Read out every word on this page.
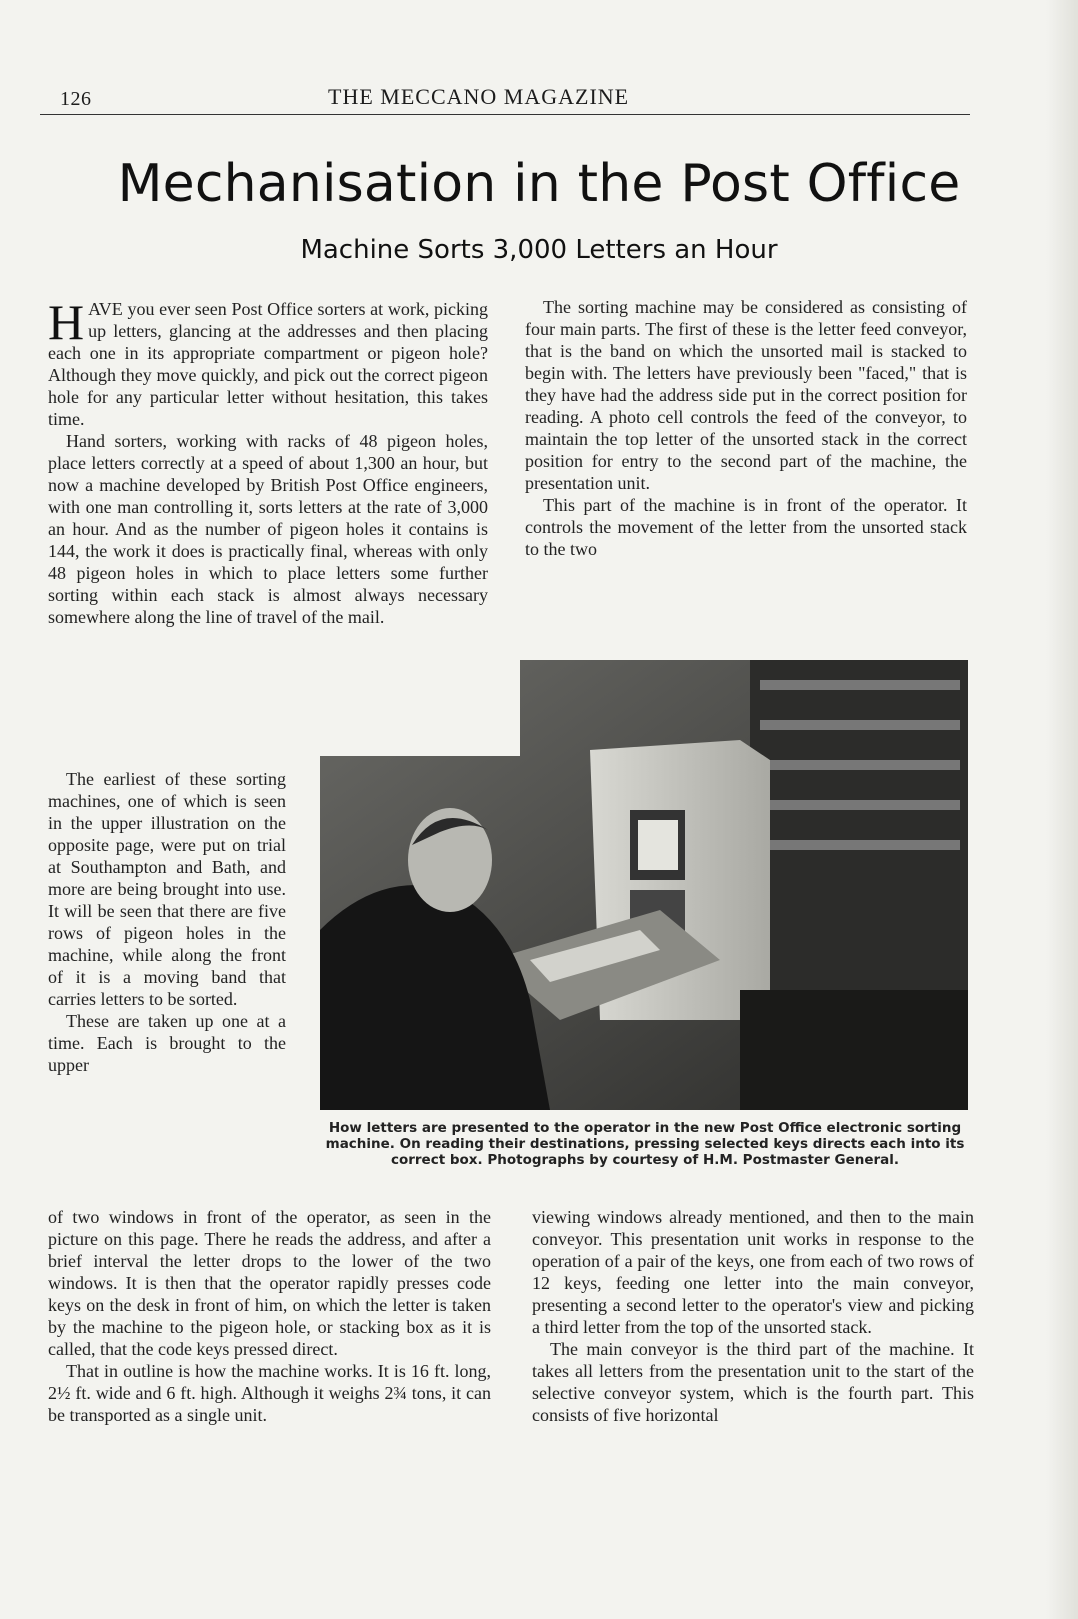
126	THE MECCANO MAGAZINE
Mechanisation in the Post Office
Machine Sorts 3,000 Letters an Hour

HAVE you ever seen Post Office sorters at work, picking up letters, glancing at the addresses and then placing each one in its appropriate compartment or pigeon hole? Although they move quickly, and pick out the correct pigeon hole for any particular letter without hesitation, this takes time.

Hand sorters, working with racks of 48 pigeon holes, place letters correctly at a speed of about 1,300 an hour, but now a machine developed by British Post Office engineers, with one man controlling it, sorts letters at the rate of 3,000 an hour. And as the number of pigeon holes it contains is 144, the work it does is practically final, whereas with only 48 pigeon holes in which to place letters some further sorting within each stack is almost always necessary somewhere along the line of travel of the mail.

The sorting machine may be considered as consisting of four main parts. The first of these is the letter feed conveyor, that is the band on which the unsorted mail is stacked to begin with. The letters have previously been "faced," that is they have had the address side put in the correct position for reading. A photo cell controls the feed of the conveyor, to maintain the top letter of the unsorted stack in the correct position for entry to the second part of the machine, the presentation unit.

This part of the machine is in front of the operator. It controls the movement of the letter from the unsorted stack to the two

The earliest of these sorting machines, one of which is seen in the upper illustration on the opposite page, were put on trial at Southampton and Bath, and more are being brought into use. It will be seen that there are five rows of pigeon holes in the machine, while along the front of it is a moving band that carries letters to be sorted.

These are taken up one at a time. Each is brought to the upper

How letters are presented to the operator in the new Post Office electronic sorting machine. On reading their destinations, pressing selected keys directs each into its correct box. Photographs by courtesy of H.M. Postmaster General.

of two windows in front of the operator, as seen in the picture on this page. There he reads the address, and after a brief interval the letter drops to the lower of the two windows. It is then that the operator rapidly presses code keys on the desk in front of him, on which the letter is taken by the machine to the pigeon hole, or stacking box as it is called, that the code keys pressed direct.

That in outline is how the machine works. It is 16 ft. long, 2½ ft. wide and 6 ft. high. Although it weighs 2¾ tons, it can be transported as a single unit.

viewing windows already mentioned, and then to the main conveyor. This presentation unit works in response to the operation of a pair of the keys, one from each of two rows of 12 keys, feeding one letter into the main conveyor, presenting a second letter to the operator's view and picking a third letter from the top of the unsorted stack.

The main conveyor is the third part of the machine. It takes all letters from the presentation unit to the start of the selective conveyor system, which is the fourth part. This consists of five horizontal
